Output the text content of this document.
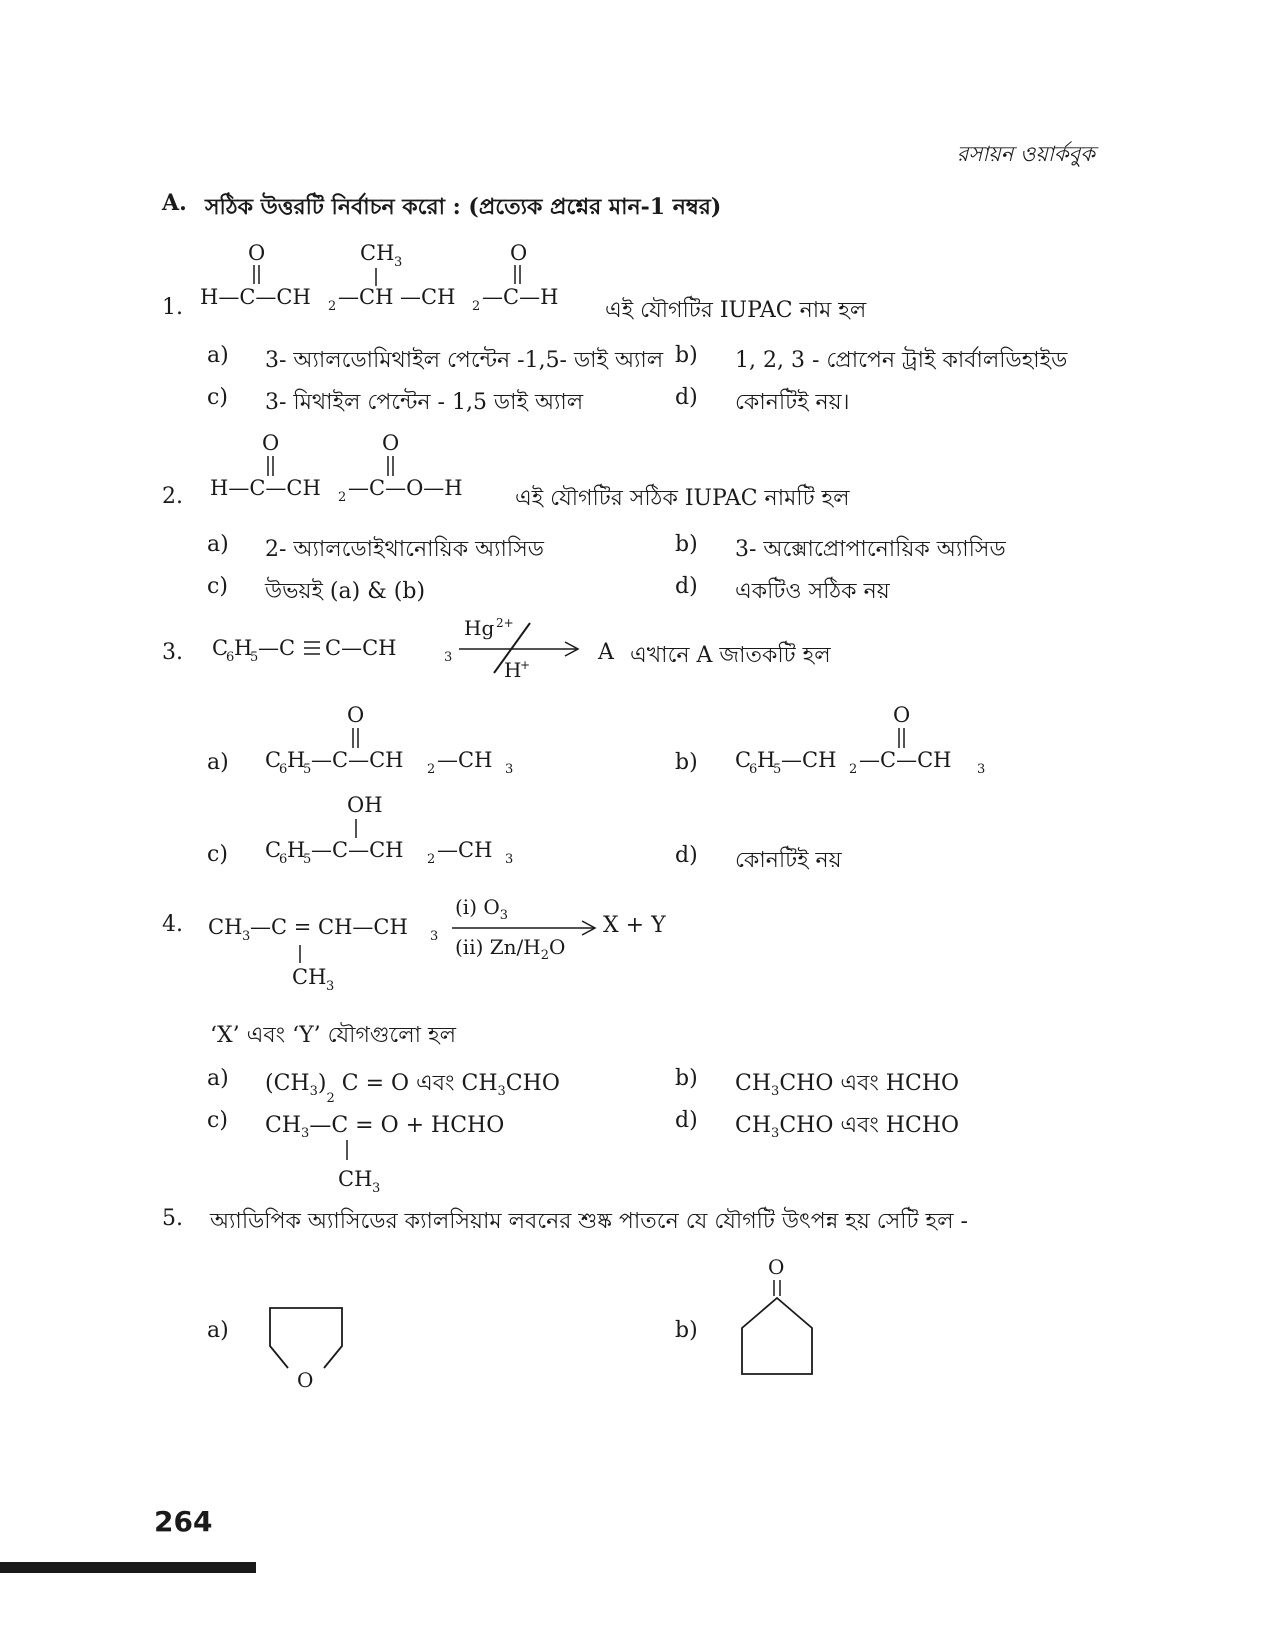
রসায়ন ওয়ার্কবুক
A. সঠিক উত্তরটি নির্বাচন করো : (প্রত্যেক প্রশ্নের মান-1 নম্বর)
1. H—C—CH 2 —CH —CH 2 —C—H
O	O
CH 3
এই যৌগটির IUPAC নাম হল
a) 3- অ্যালডোমিথাইল পেন্টেন -1,5- ডাই অ্যাল b) 1, 2, 3 - প্রোপেন ট্রাই কার্বালডিহাইড
c) 3- মিথাইল পেন্টেন - 1,5 ডাই অ্যাল	d) কোনটিই নয়।
2. H—C—CH 2 —C—O—H
O	O
এই যৌগটির সঠিক IUPAC নামটি হল
a) 2- অ্যালডোইথানোয়িক অ্যাসিড	b) 3- অক্সোপ্রোপানোয়িক অ্যাসিড
c) উভয়ই (a) & (b)	d) একটিও সঠিক নয়
3. C
6 H
5 —C C—CH	3
Hg 2+
H
+	A এখানে A জাতকটি হল
a) C
6 H
5 —C—CH 2 —CH 3
O
b) C
6 H
5 —CH 2 —C—CH 3
O
c) C
6 H
5 —C—CH 2 —CH 3
OH
d) কোনটিই নয়
4. CH 3 —C = CH—CH 3
CH 3
(i) $O_3$
(ii) $Zn/H_2O$
X + Y
‘X’ এবং ‘Y’ যৌগগুলো হল
a) $(CH_3)_2$ C = O এবং $CH_3CHO$	b) $CH_3CHO$ এবং HCHO
c) $CH_3—C = O$ + HCHO
CH 3
d) $CH_3CHO$ এবং HCHO
5. অ্যাডিপিক অ্যাসিডের ক্যালসিয়াম লবনের শুষ্ক পাতনে যে যৌগটি উৎপন্ন হয় সেটি হল -
a)
O
b)
O
264
